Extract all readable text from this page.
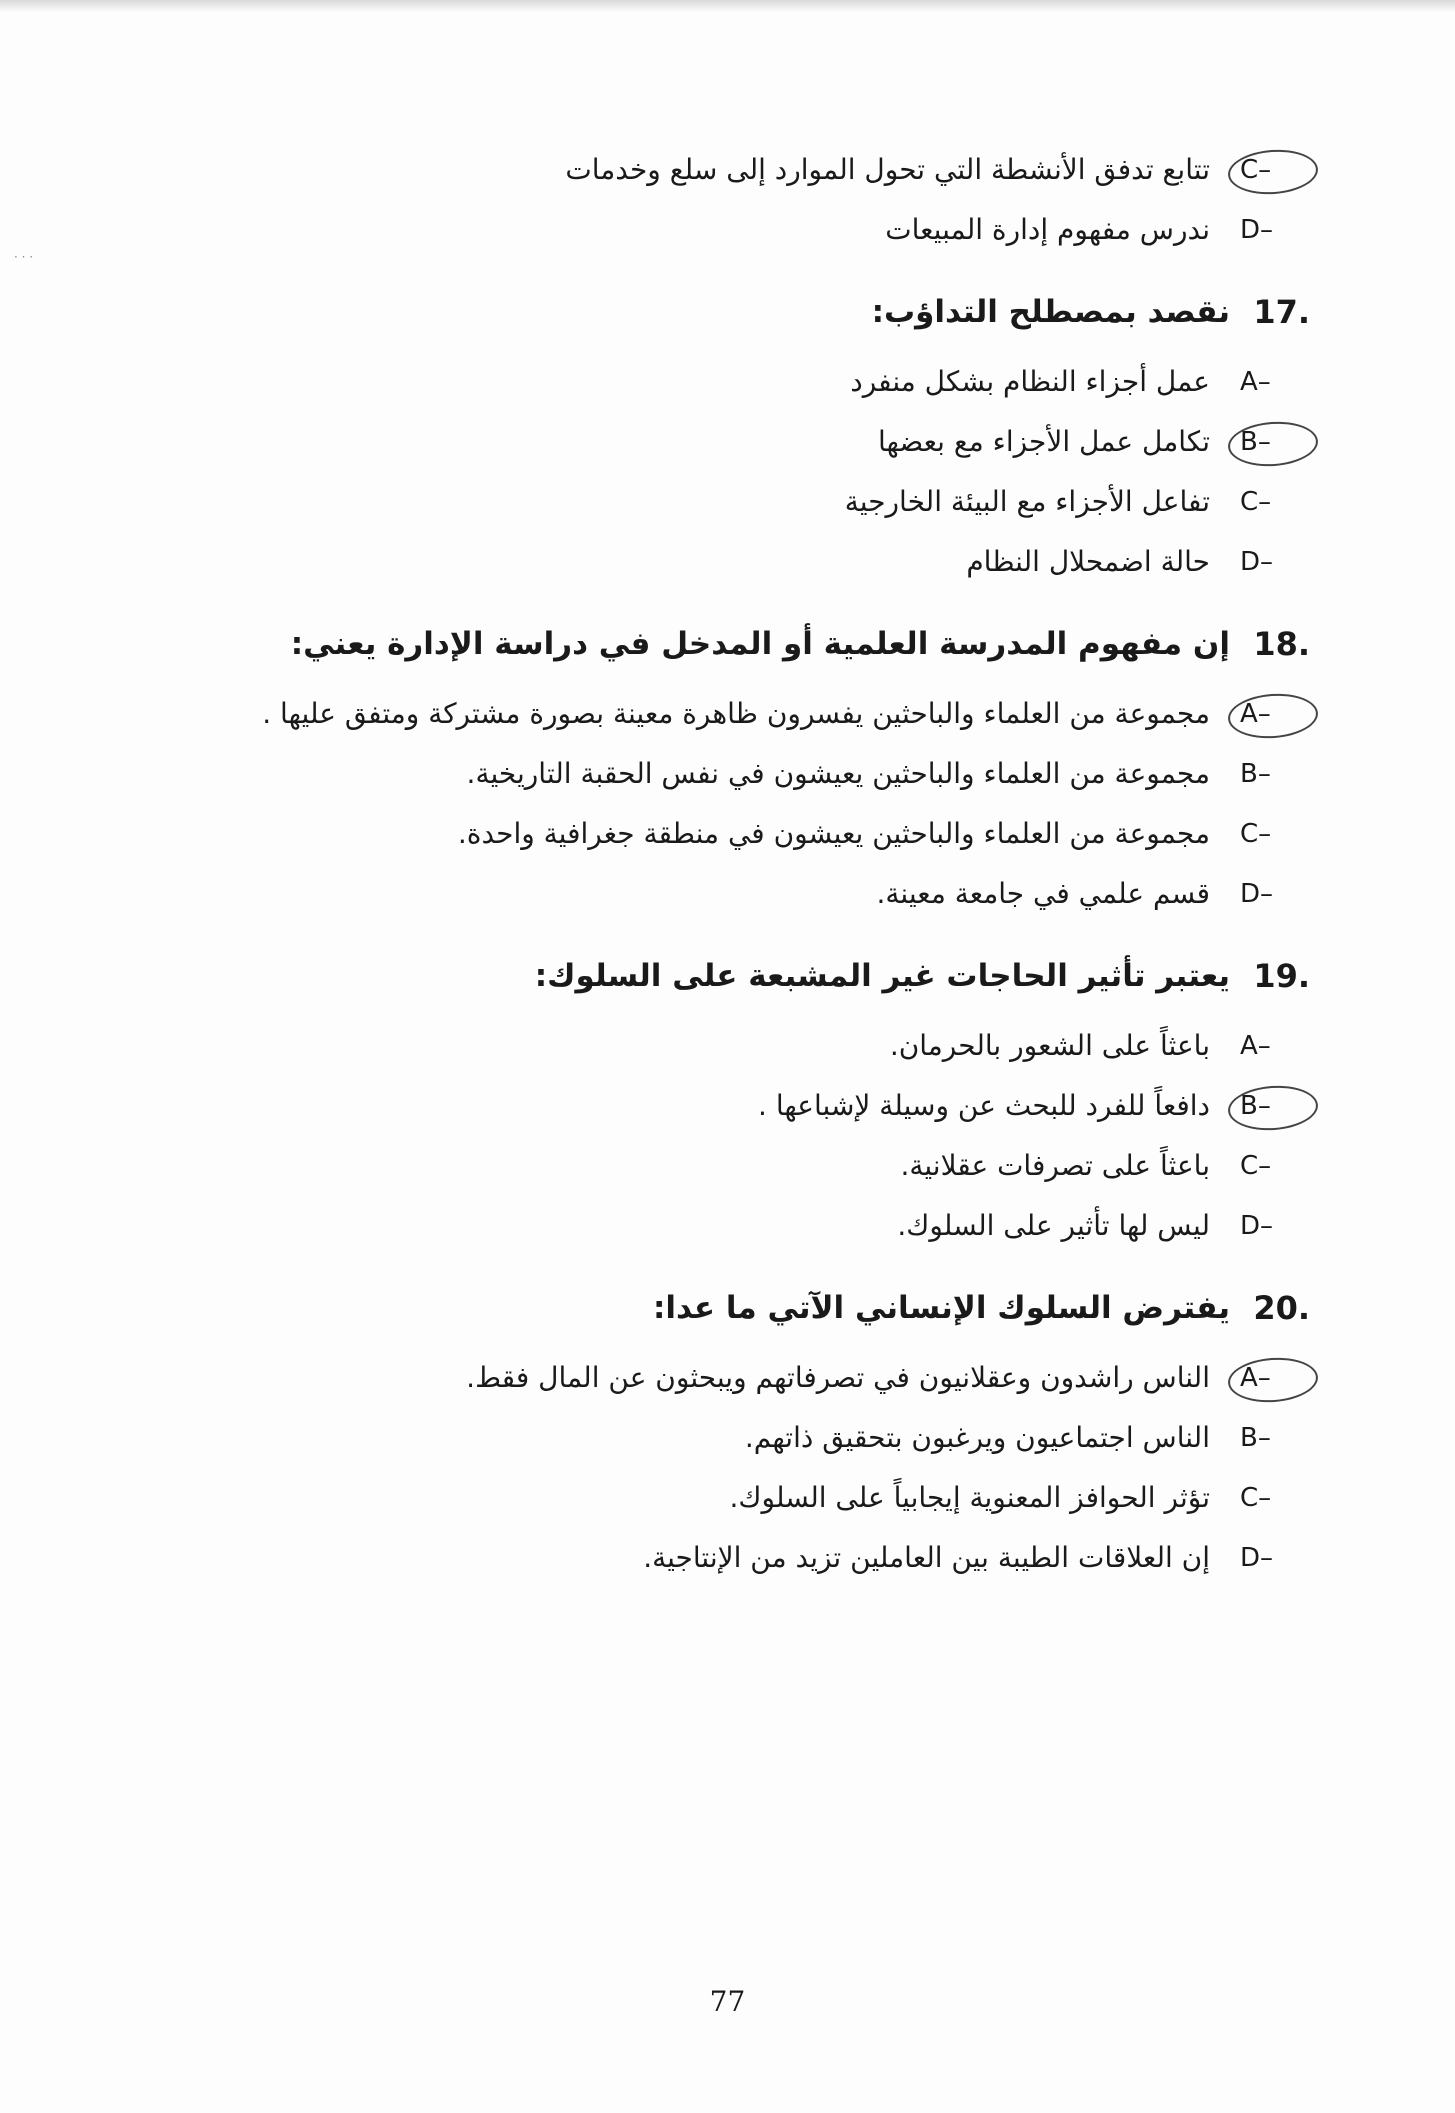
· · ·
C–
تتابع تدفق الأنشطة التي تحول الموارد إلى سلع وخدمات
D–
ندرس مفهوم إدارة المبيعات
17.
نقصد بمصطلح التداؤب:
A–
عمل أجزاء النظام بشكل منفرد
B–
تكامل عمل الأجزاء مع بعضها
C–
تفاعل الأجزاء مع البيئة الخارجية
D–
حالة اضمحلال النظام
18.
إن مفهوم المدرسة العلمية أو المدخل في دراسة الإدارة يعني:
A–
مجموعة من العلماء والباحثين يفسرون ظاهرة معينة بصورة مشتركة ومتفق عليها .
B–
مجموعة من العلماء والباحثين يعيشون في نفس الحقبة التاريخية.
C–
مجموعة من العلماء والباحثين يعيشون في منطقة جغرافية واحدة.
D–
قسم علمي في جامعة معينة.
19.
يعتبر تأثير الحاجات غير المشبعة على السلوك:
A–
باعثاً على الشعور بالحرمان.
B–
دافعاً للفرد للبحث عن وسيلة لإشباعها .
C–
باعثاً على تصرفات عقلانية.
D–
ليس لها تأثير على السلوك.
20.
يفترض السلوك الإنساني الآتي ما عدا:
A–
الناس راشدون وعقلانيون في تصرفاتهم ويبحثون عن المال فقط.
B–
الناس اجتماعيون ويرغبون بتحقيق ذاتهم.
C–
تؤثر الحوافز المعنوية إيجابياً على السلوك.
D–
إن العلاقات الطيبة بين العاملين تزيد من الإنتاجية.
77
